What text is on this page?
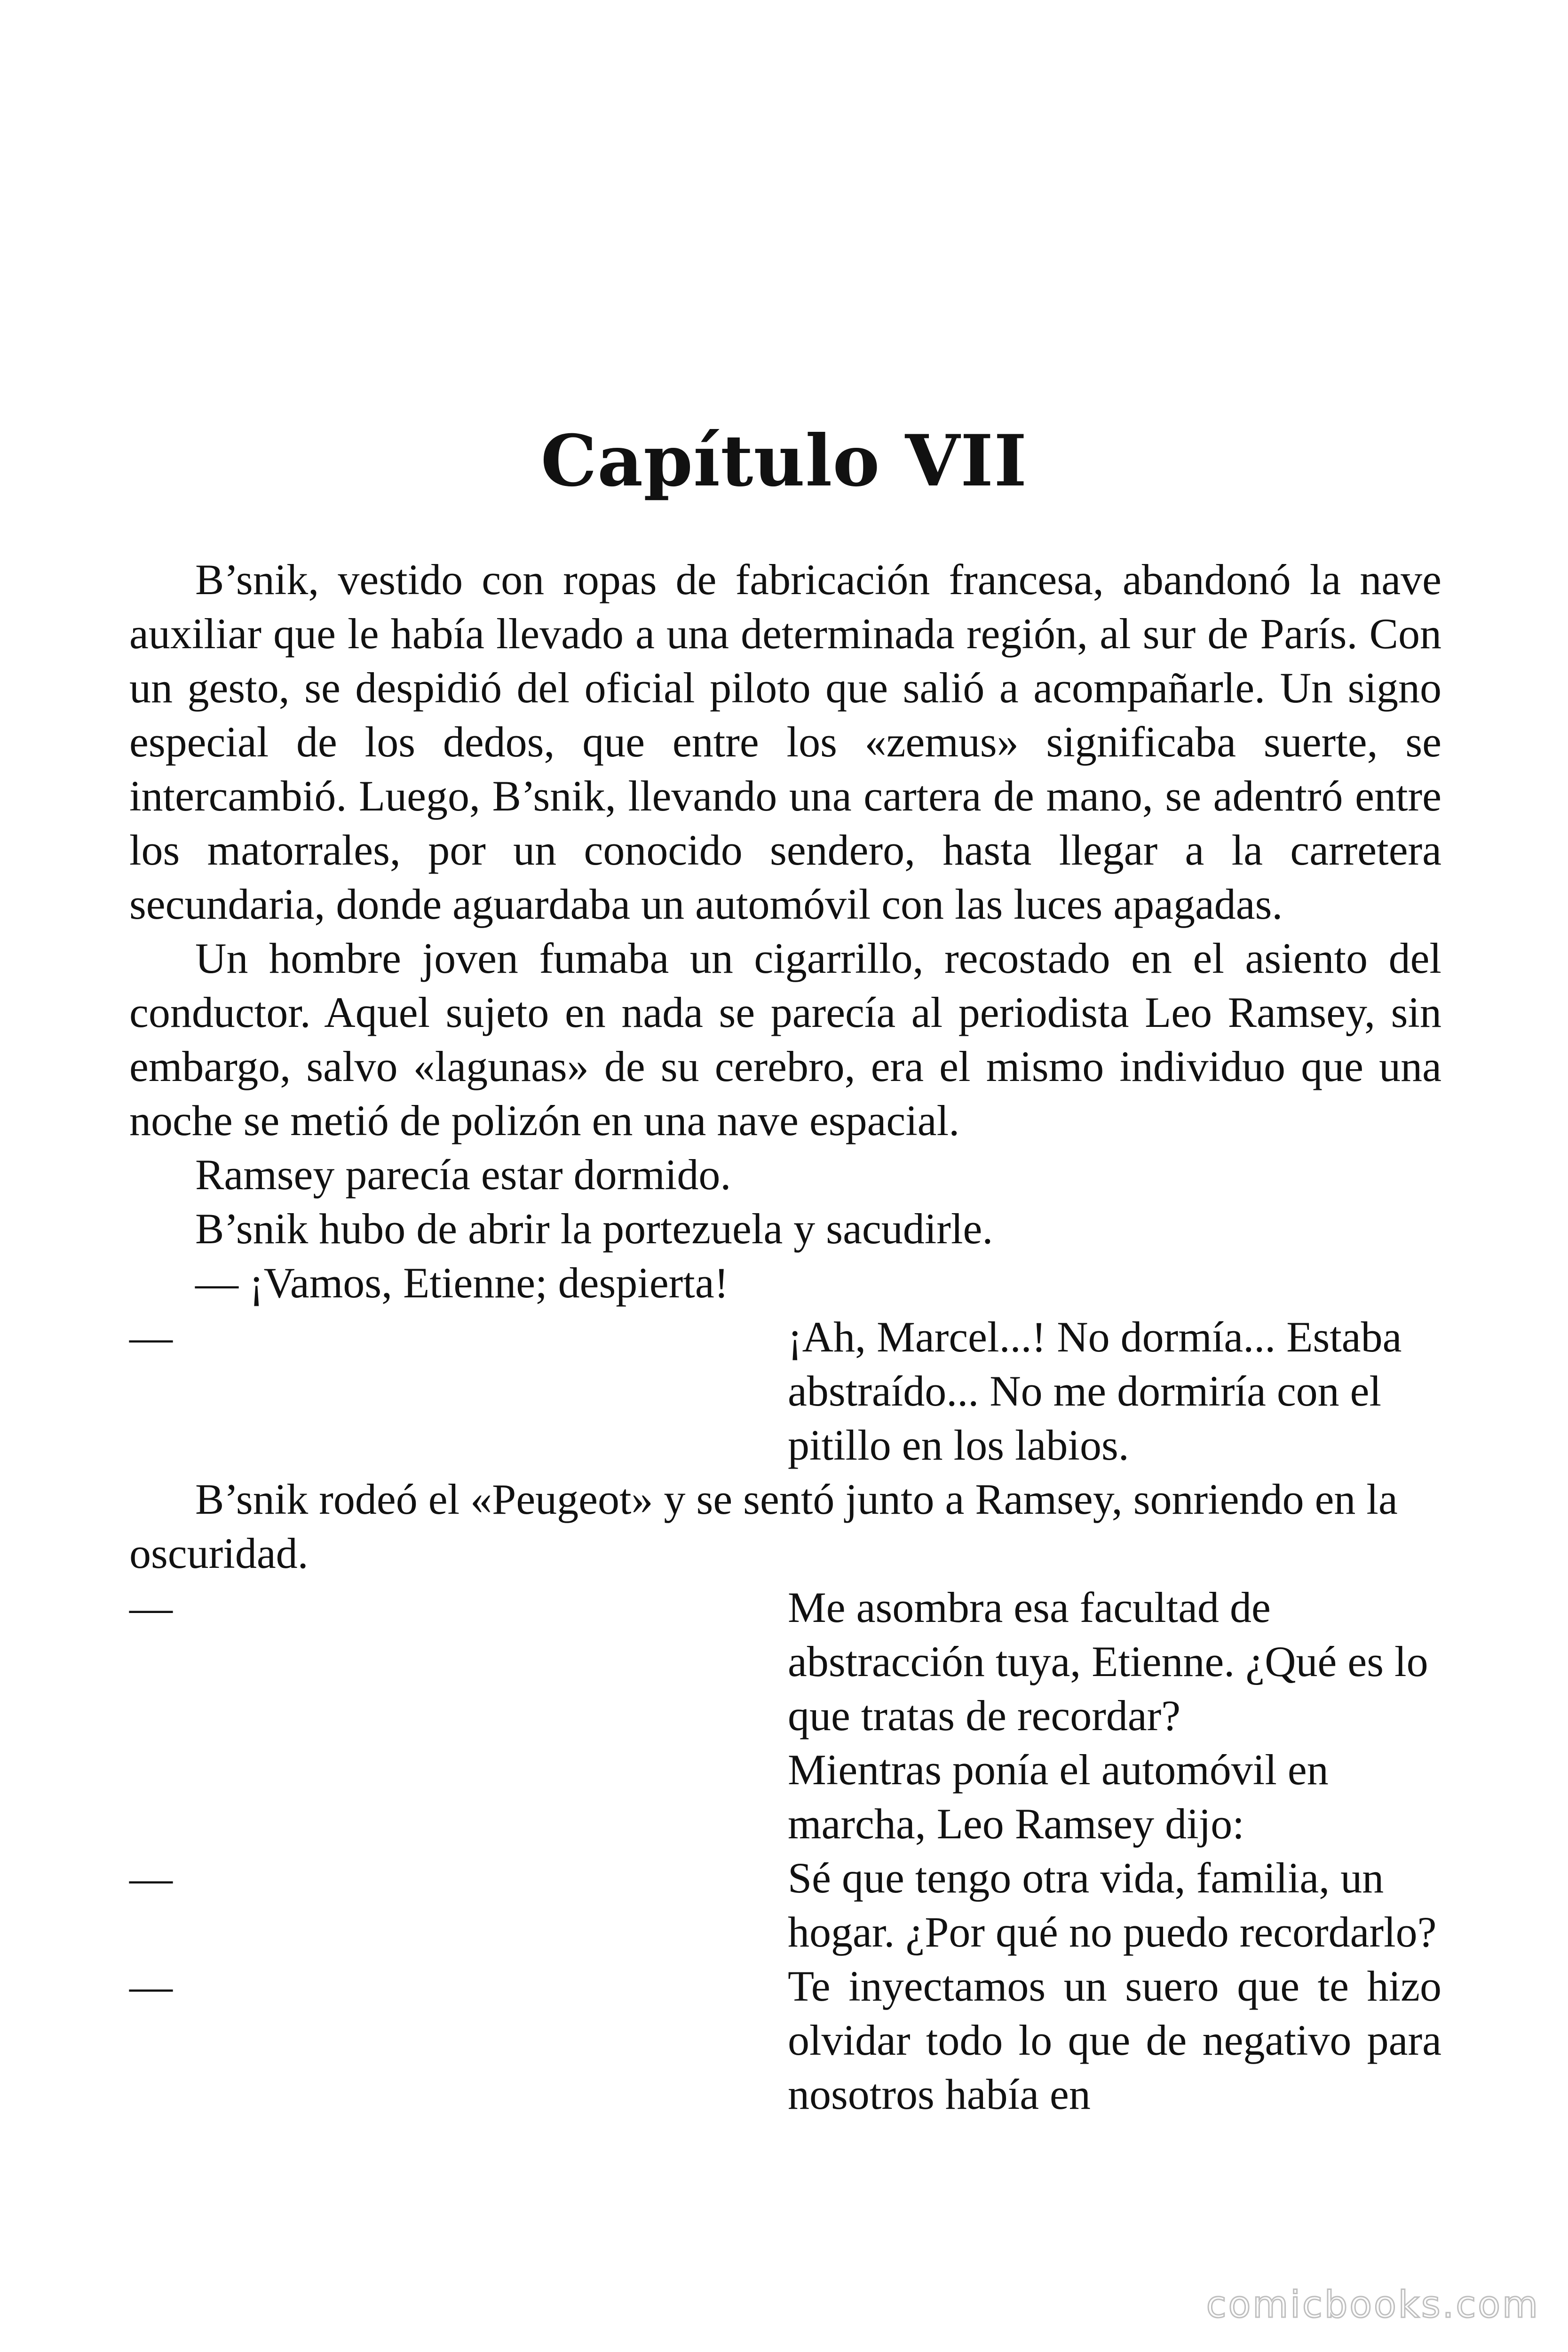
Capítulo VII

B’snik, vestido con ropas de fabricación francesa, abandonó la nave auxiliar que le había llevado a una determinada región, al sur de París. Con un gesto, se despidió del oficial piloto que salió a acompañarle. Un signo especial de los dedos, que entre los «zemus» significaba suerte, se intercambió. Luego, B’snik, llevando una cartera de mano, se adentró entre los matorrales, por un conocido sendero, hasta llegar a la carretera secundaria, donde aguardaba un automóvil con las luces apagadas.

Un hombre joven fumaba un cigarrillo, recostado en el asiento del conductor. Aquel sujeto en nada se parecía al periodista Leo Ramsey, sin embargo, salvo «lagunas» de su cerebro, era el mismo individuo que una noche se metió de polizón en una nave espacial.

Ramsey parecía estar dormido.

B’snik hubo de abrir la portezuela y sacudirle.

— ¡Vamos, Etienne; despierta!

—	¡Ah, Marcel...! No dormía... Estaba abstraído... No me dormiría con el pitillo en los labios.

B’snik rodeó el «Peugeot» y se sentó junto a Ramsey, sonriendo en la oscuridad.

—	Me asombra esa facultad de abstracción tuya, Etienne. ¿Qué es lo que tratas de recordar?
Mientras ponía el automóvil en marcha, Leo Ramsey dijo:
—	Sé que tengo otra vida, familia, un hogar. ¿Por qué no puedo recordarlo?
—	Te inyectamos un suero que te hizo olvidar todo lo que de negativo para nosotros había en
comicbooks.com
